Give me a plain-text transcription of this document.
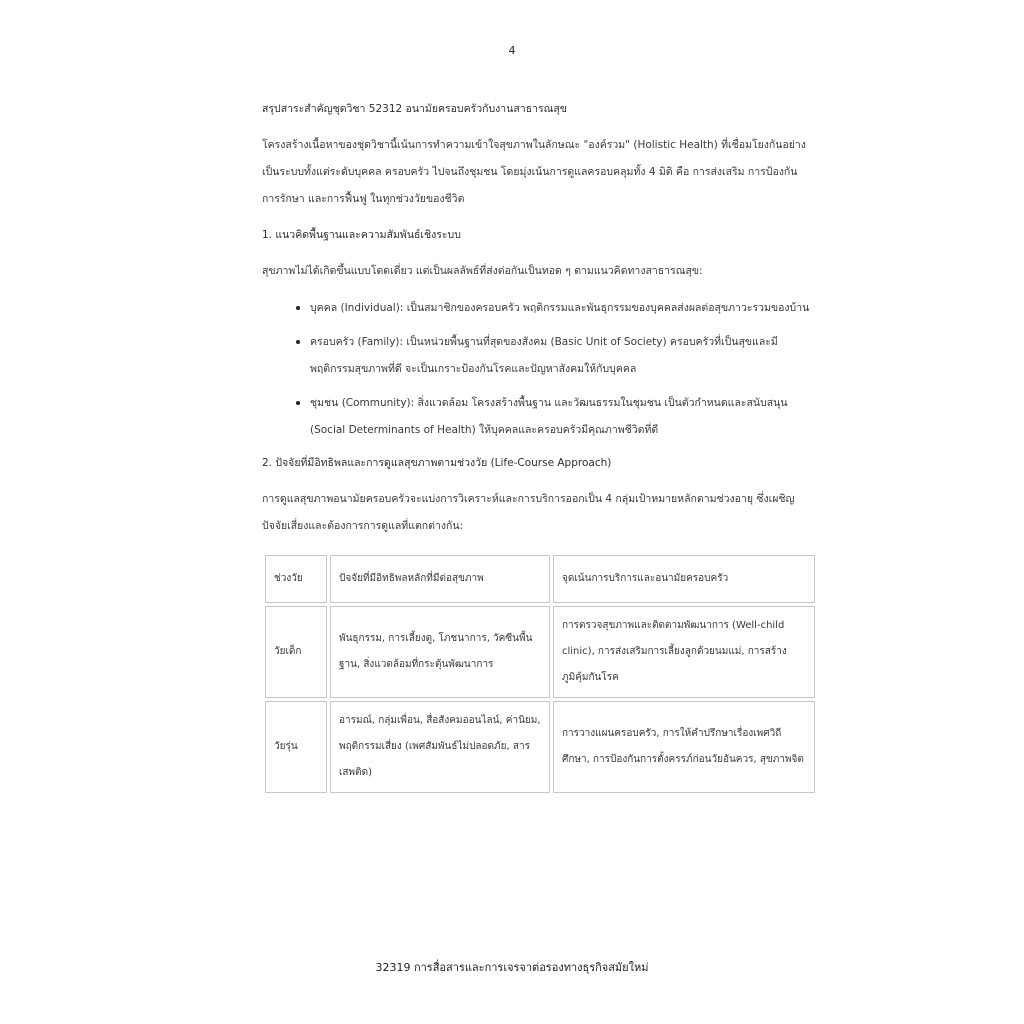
4
สรุปสาระสำคัญชุดวิชา 52312 อนามัยครอบครัวกับงานสาธารณสุข

โครงสร้างเนื้อหาของชุดวิชานี้เน้นการทำความเข้าใจสุขภาพในลักษณะ "องค์รวม" (Holistic Health) ที่เชื่อมโยงกันอย่างเป็นระบบทั้งแต่ระดับบุคคล ครอบครัว ไปจนถึงชุมชน โดยมุ่งเน้นการดูแลครอบคลุมทั้ง 4 มิติ คือ การส่งเสริม การป้องกัน การรักษา และการฟื้นฟู ในทุกช่วงวัยของชีวิต

1. แนวคิดพื้นฐานและความสัมพันธ์เชิงระบบ

สุขภาพไม่ได้เกิดขึ้นแบบโดดเดี่ยว แต่เป็นผลลัพธ์ที่ส่งต่อกันเป็นทอด ๆ ตามแนวคิดทางสาธารณสุข:

• บุคคล (Individual): เป็นสมาชิกของครอบครัว พฤติกรรมและพันธุกรรมของบุคคลส่งผลต่อสุขภาวะรวมของบ้าน
• ครอบครัว (Family): เป็นหน่วยพื้นฐานที่สุดของสังคม (Basic Unit of Society) ครอบครัวที่เป็นสุขและมีพฤติกรรมสุขภาพที่ดี จะเป็นเกราะป้องกันโรคและปัญหาสังคมให้กับบุคคล
• ชุมชน (Community): สิ่งแวดล้อม โครงสร้างพื้นฐาน และวัฒนธรรมในชุมชน เป็นตัวกำหนดและสนับสนุน (Social Determinants of Health) ให้บุคคลและครอบครัวมีคุณภาพชีวิตที่ดี
2. ปัจจัยที่มีอิทธิพลและการดูแลสุขภาพตามช่วงวัย (Life-Course Approach)

การดูแลสุขภาพอนามัยครอบครัวจะแบ่งการวิเคราะห์และการบริการออกเป็น 4 กลุ่มเป้าหมายหลักตามช่วงอายุ ซึ่งเผชิญปัจจัยเสี่ยงและต้องการการดูแลที่แตกต่างกัน:

ช่วงวัย	ปัจจัยที่มีอิทธิพลหลักที่มีต่อสุขภาพ	จุดเน้นการบริการและอนามัยครอบครัว
วัยเด็ก	พันธุกรรม, การเลี้ยงดู, โภชนาการ, วัคซีนพื้นฐาน, สิ่งแวดล้อมที่กระตุ้นพัฒนาการ	การตรวจสุขภาพและติดตามพัฒนาการ (Well-child clinic), การส่งเสริมการเลี้ยงลูกด้วยนมแม่, การสร้างภูมิคุ้มกันโรค
วัยรุ่น	อารมณ์, กลุ่มเพื่อน, สื่อสังคมออนไลน์, ค่านิยม, พฤติกรรมเสี่ยง (เพศสัมพันธ์ไม่ปลอดภัย, สารเสพติด)	การวางแผนครอบครัว, การให้คำปรึกษาเรื่องเพศวิถีศึกษา, การป้องกันการตั้งครรภ์ก่อนวัยอันควร, สุขภาพจิต
32319 การสื่อสารและการเจรจาต่อรองทางธุรกิจสมัยใหม่
